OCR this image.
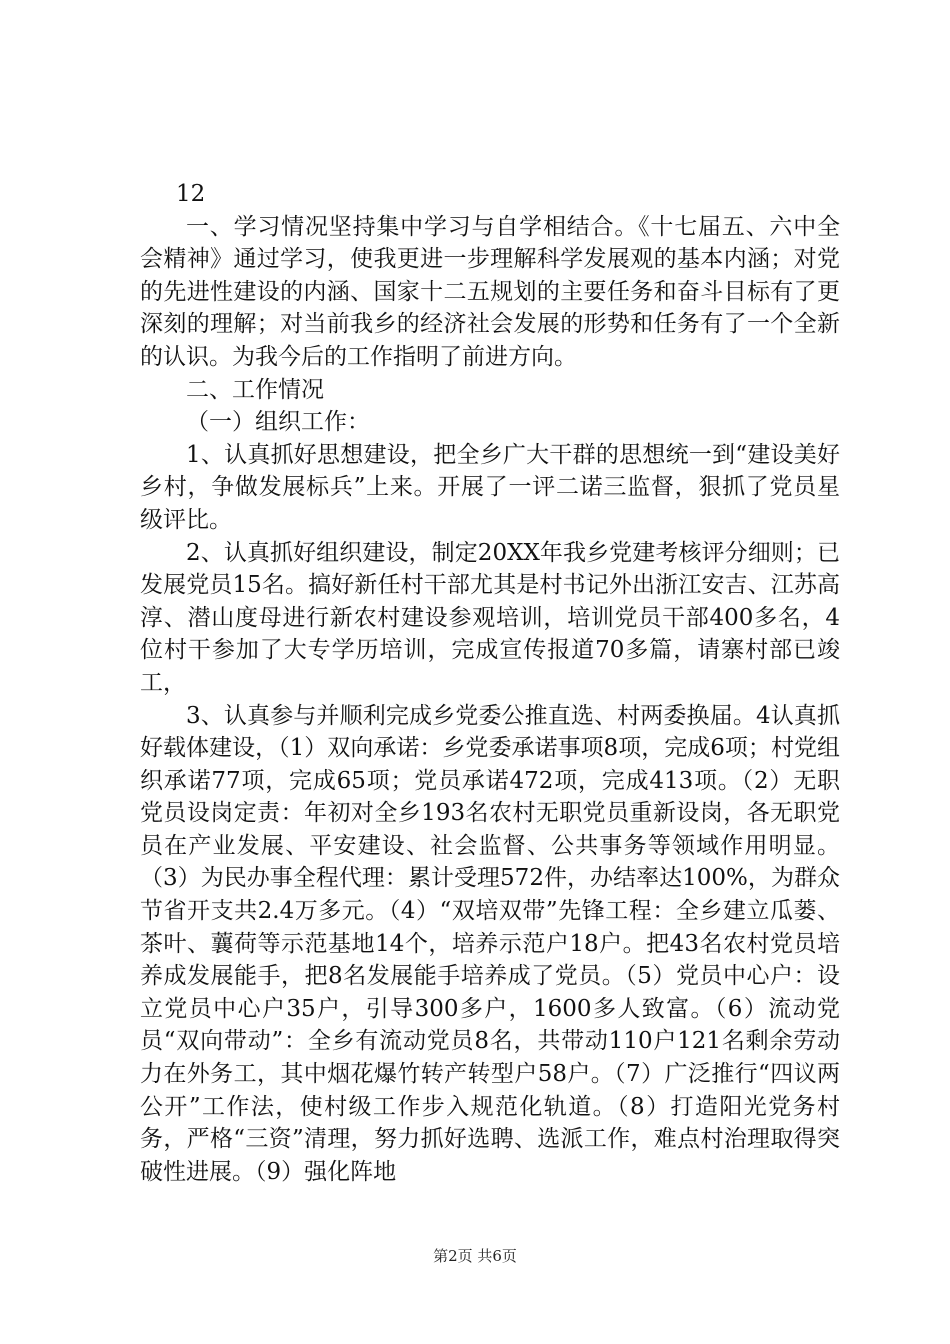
12

一、学习情况坚持集中学习与自学相结合。《十七届五、六中全会精神》通过学习，使我更进一步理解科学发展观的基本内涵；对党的先进性建设的内涵、国家十二五规划的主要任务和奋斗目标有了更深刻的理解；对当前我乡的经济社会发展的形势和任务有了一个全新的认识。为我今后的工作指明了前进方向。

二、工作情况

（一）组织工作：

1、认真抓好思想建设，把全乡广大干群的思想统一到“建设美好乡村，争做发展标兵”上来。开展了一评二诺三监督，狠抓了党员星级评比。

2、认真抓好组织建设，制定20XX年我乡党建考核评分细则；已发展党员15名。搞好新任村干部尤其是村书记外出浙江安吉、江苏高淳、潜山度母进行新农村建设参观培训，培训党员干部400多名，4位村干参加了大专学历培训，完成宣传报道70多篇，请寨村部已竣工，

3、认真参与并顺利完成乡党委公推直选、村两委换届。4认真抓好载体建设，（1）双向承诺：乡党委承诺事项8项，完成6项；村党组织承诺77项，完成65项；党员承诺472项，完成413项。（2）无职党员设岗定责：年初对全乡193名农村无职党员重新设岗，各无职党员在产业发展、平安建设、社会监督、公共事务等领域作用明显。（3）为民办事全程代理：累计受理572件，办结率达100%，为群众节省开支共2.4万多元。（4）“双培双带”先锋工程：全乡建立瓜蒌、茶叶、蘘荷等示范基地14个，培养示范户18户。把43名农村党员培养成发展能手，把8名发展能手培养成了党员。（5）党员中心户：设立党员中心户35户，引导300多户，1600多人致富。（6）流动党员“双向带动”：全乡有流动党员8名，共带动110户121名剩余劳动力在外务工，其中烟花爆竹转产转型户58户。（7）广泛推行“四议两公开”工作法，使村级工作步入规范化轨道。（8）打造阳光党务村务，严格“三资”清理，努力抓好选聘、选派工作，难点村治理取得突破性进展。（9）强化阵地

第2页 共6页
